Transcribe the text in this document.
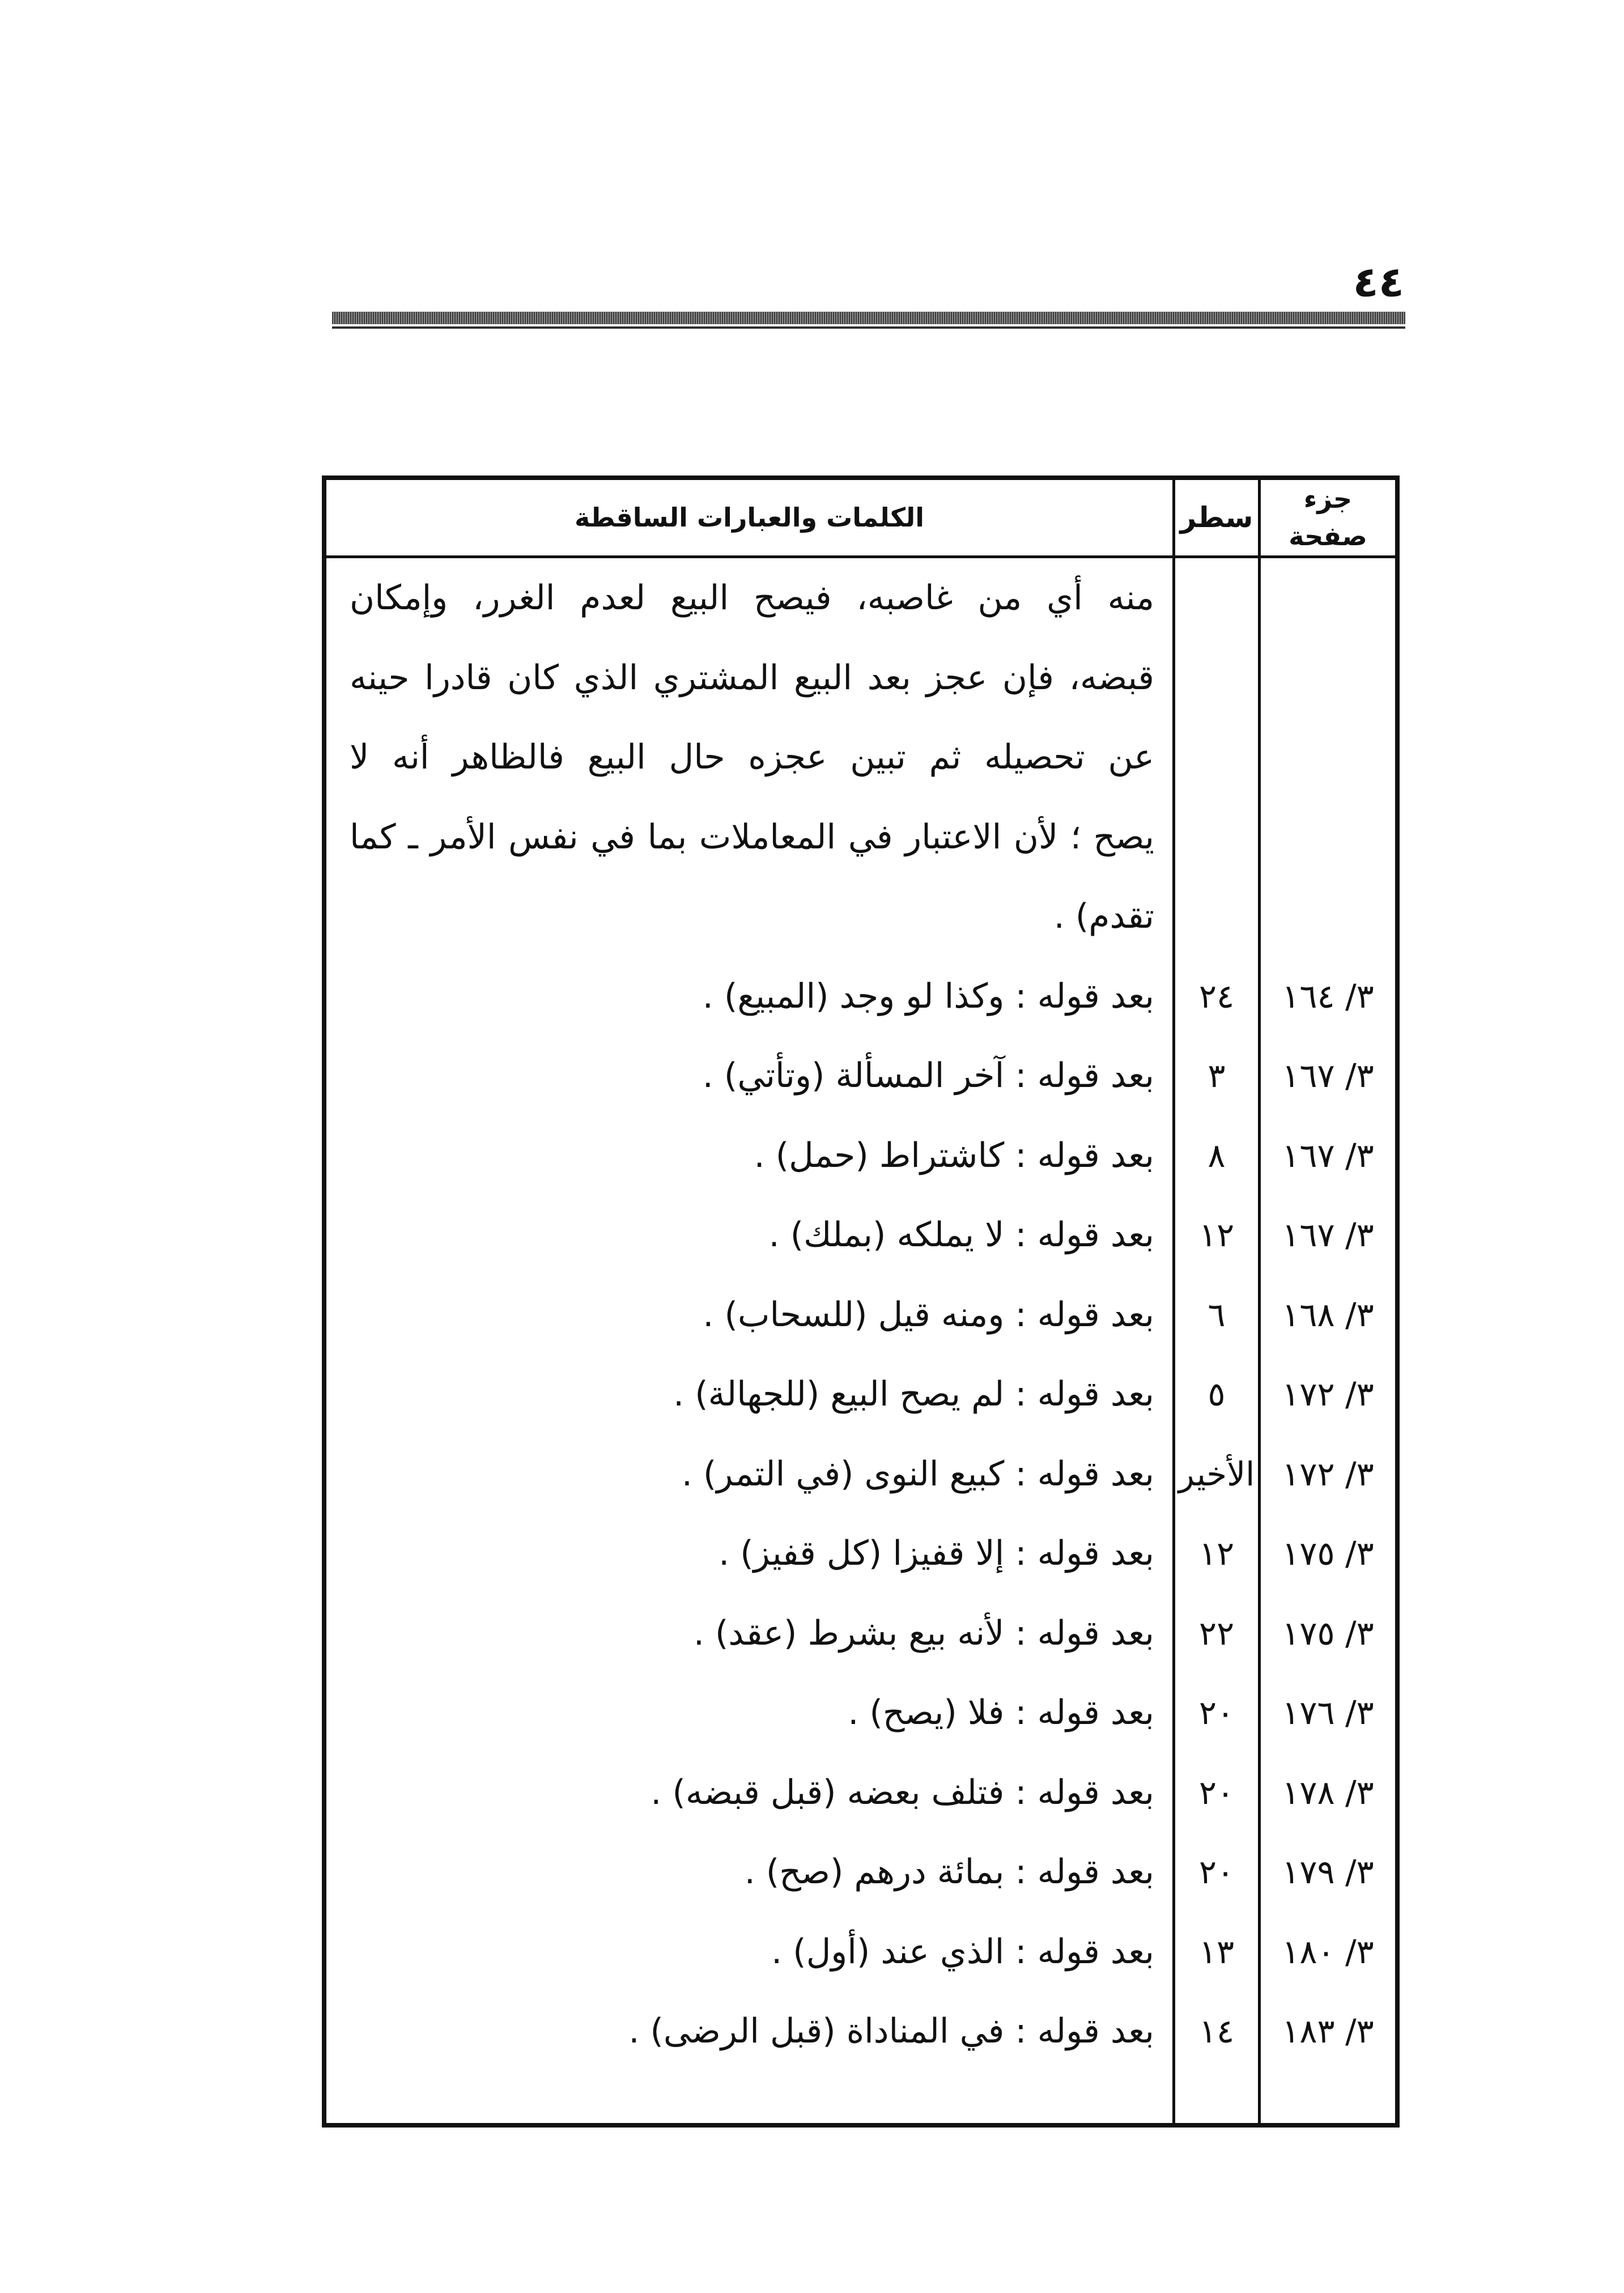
٤٤
جزء
صفحة
سطر
الكلمات والعبارات الساقطة
منه أي من غاصبه، فيصح البيع لعدم الغرر، وإمكان
قبضه، فإن عجز بعد البيع المشتري الذي كان قادرا حينه
عن تحصيله ثم تبين عجزه حال البيع فالظاهر أنه لا
يصح ؛ لأن الاعتبار في المعاملات بما في نفس الأمر ـ كما
تقدم) .
٣/ ١٦٤
٢٤
بعد قوله : وكذا لو وجد (المبيع) .
٣/ ١٦٧
٣
بعد قوله : آخر المسألة (وتأتي) .
٣/ ١٦٧
٨
بعد قوله : كاشتراط (حمل) .
٣/ ١٦٧
١٢
بعد قوله : لا يملكه (بملك) .
٣/ ١٦٨
٦
بعد قوله : ومنه قيل (للسحاب) .
٣/ ١٧٢
٥
بعد قوله : لم يصح البيع (للجهالة) .
٣/ ١٧٢
الأخير
بعد قوله : كبيع النوى (في التمر) .
٣/ ١٧٥
١٢
بعد قوله : إلا قفيزا (كل قفيز) .
٣/ ١٧٥
٢٢
بعد قوله : لأنه بيع بشرط (عقد) .
٣/ ١٧٦
٢٠
بعد قوله : فلا (يصح) .
٣/ ١٧٨
٢٠
بعد قوله : فتلف بعضه (قبل قبضه) .
٣/ ١٧٩
٢٠
بعد قوله : بمائة درهم (صح) .
٣/ ١٨٠
١٣
بعد قوله : الذي عند (أول) .
٣/ ١٨٣
١٤
بعد قوله : في المناداة (قبل الرضى) .
